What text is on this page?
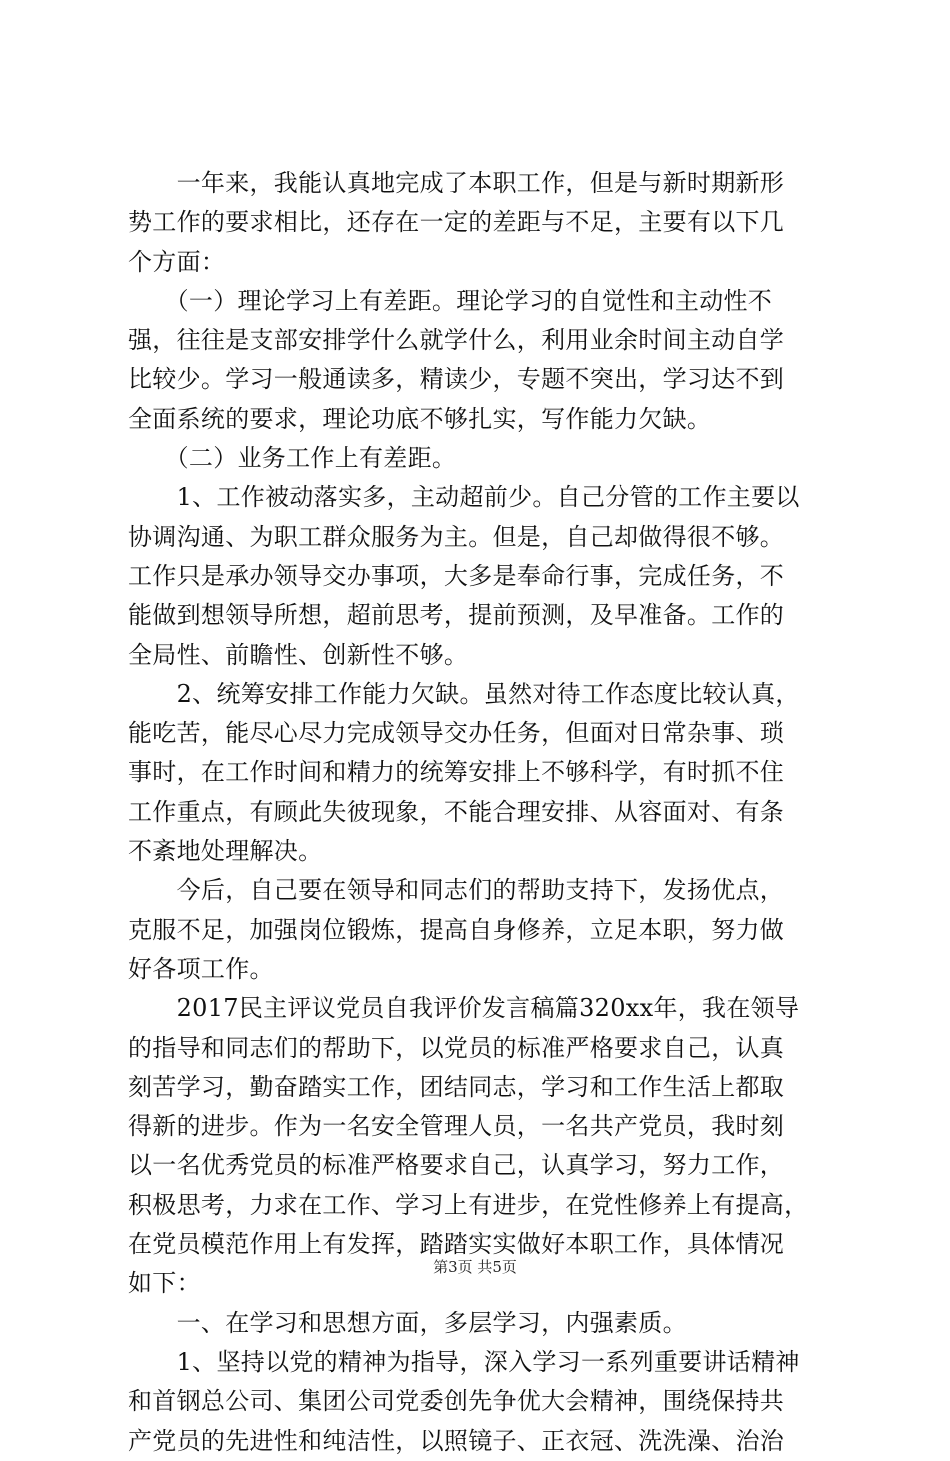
　　一年来，我能认真地完成了本职工作，但是与新时期新形
势工作的要求相比，还存在一定的差距与不足，主要有以下几
个方面：
　　（一）理论学习上有差距。理论学习的自觉性和主动性不
强，往往是支部安排学什么就学什么，利用业余时间主动自学
比较少。学习一般通读多，精读少，专题不突出，学习达不到
全面系统的要求，理论功底不够扎实，写作能力欠缺。
　　（二）业务工作上有差距。
　　1、工作被动落实多，主动超前少。自己分管的工作主要以
协调沟通、为职工群众服务为主。但是，自己却做得很不够。
工作只是承办领导交办事项，大多是奉命行事，完成任务，不
能做到想领导所想，超前思考，提前预测，及早准备。工作的
全局性、前瞻性、创新性不够。
　　2、统筹安排工作能力欠缺。虽然对待工作态度比较认真，
能吃苦，能尽心尽力完成领导交办任务，但面对日常杂事、琐
事时，在工作时间和精力的统筹安排上不够科学，有时抓不住
工作重点，有顾此失彼现象，不能合理安排、从容面对、有条
不紊地处理解决。
　　今后，自己要在领导和同志们的帮助支持下，发扬优点，
克服不足，加强岗位锻炼，提高自身修养，立足本职，努力做
好各项工作。
　　2017民主评议党员自我评价发言稿篇320xx年，我在领导
的指导和同志们的帮助下，以党员的标准严格要求自己，认真
刻苦学习，勤奋踏实工作，团结同志，学习和工作生活上都取
得新的进步。作为一名安全管理人员，一名共产党员，我时刻
以一名优秀党员的标准严格要求自己，认真学习，努力工作，
积极思考，力求在工作、学习上有进步，在党性修养上有提高，
在党员模范作用上有发挥，踏踏实实做好本职工作，具体情况
如下：
　　一、在学习和思想方面，多层学习，内强素质。
　　1、坚持以党的精神为指导，深入学习一系列重要讲话精神
和首钢总公司、集团公司党委创先争优大会精神，围绕保持共
产党员的先进性和纯洁性，以照镜子、正衣冠、洗洗澡、治治
第3页 共5页
